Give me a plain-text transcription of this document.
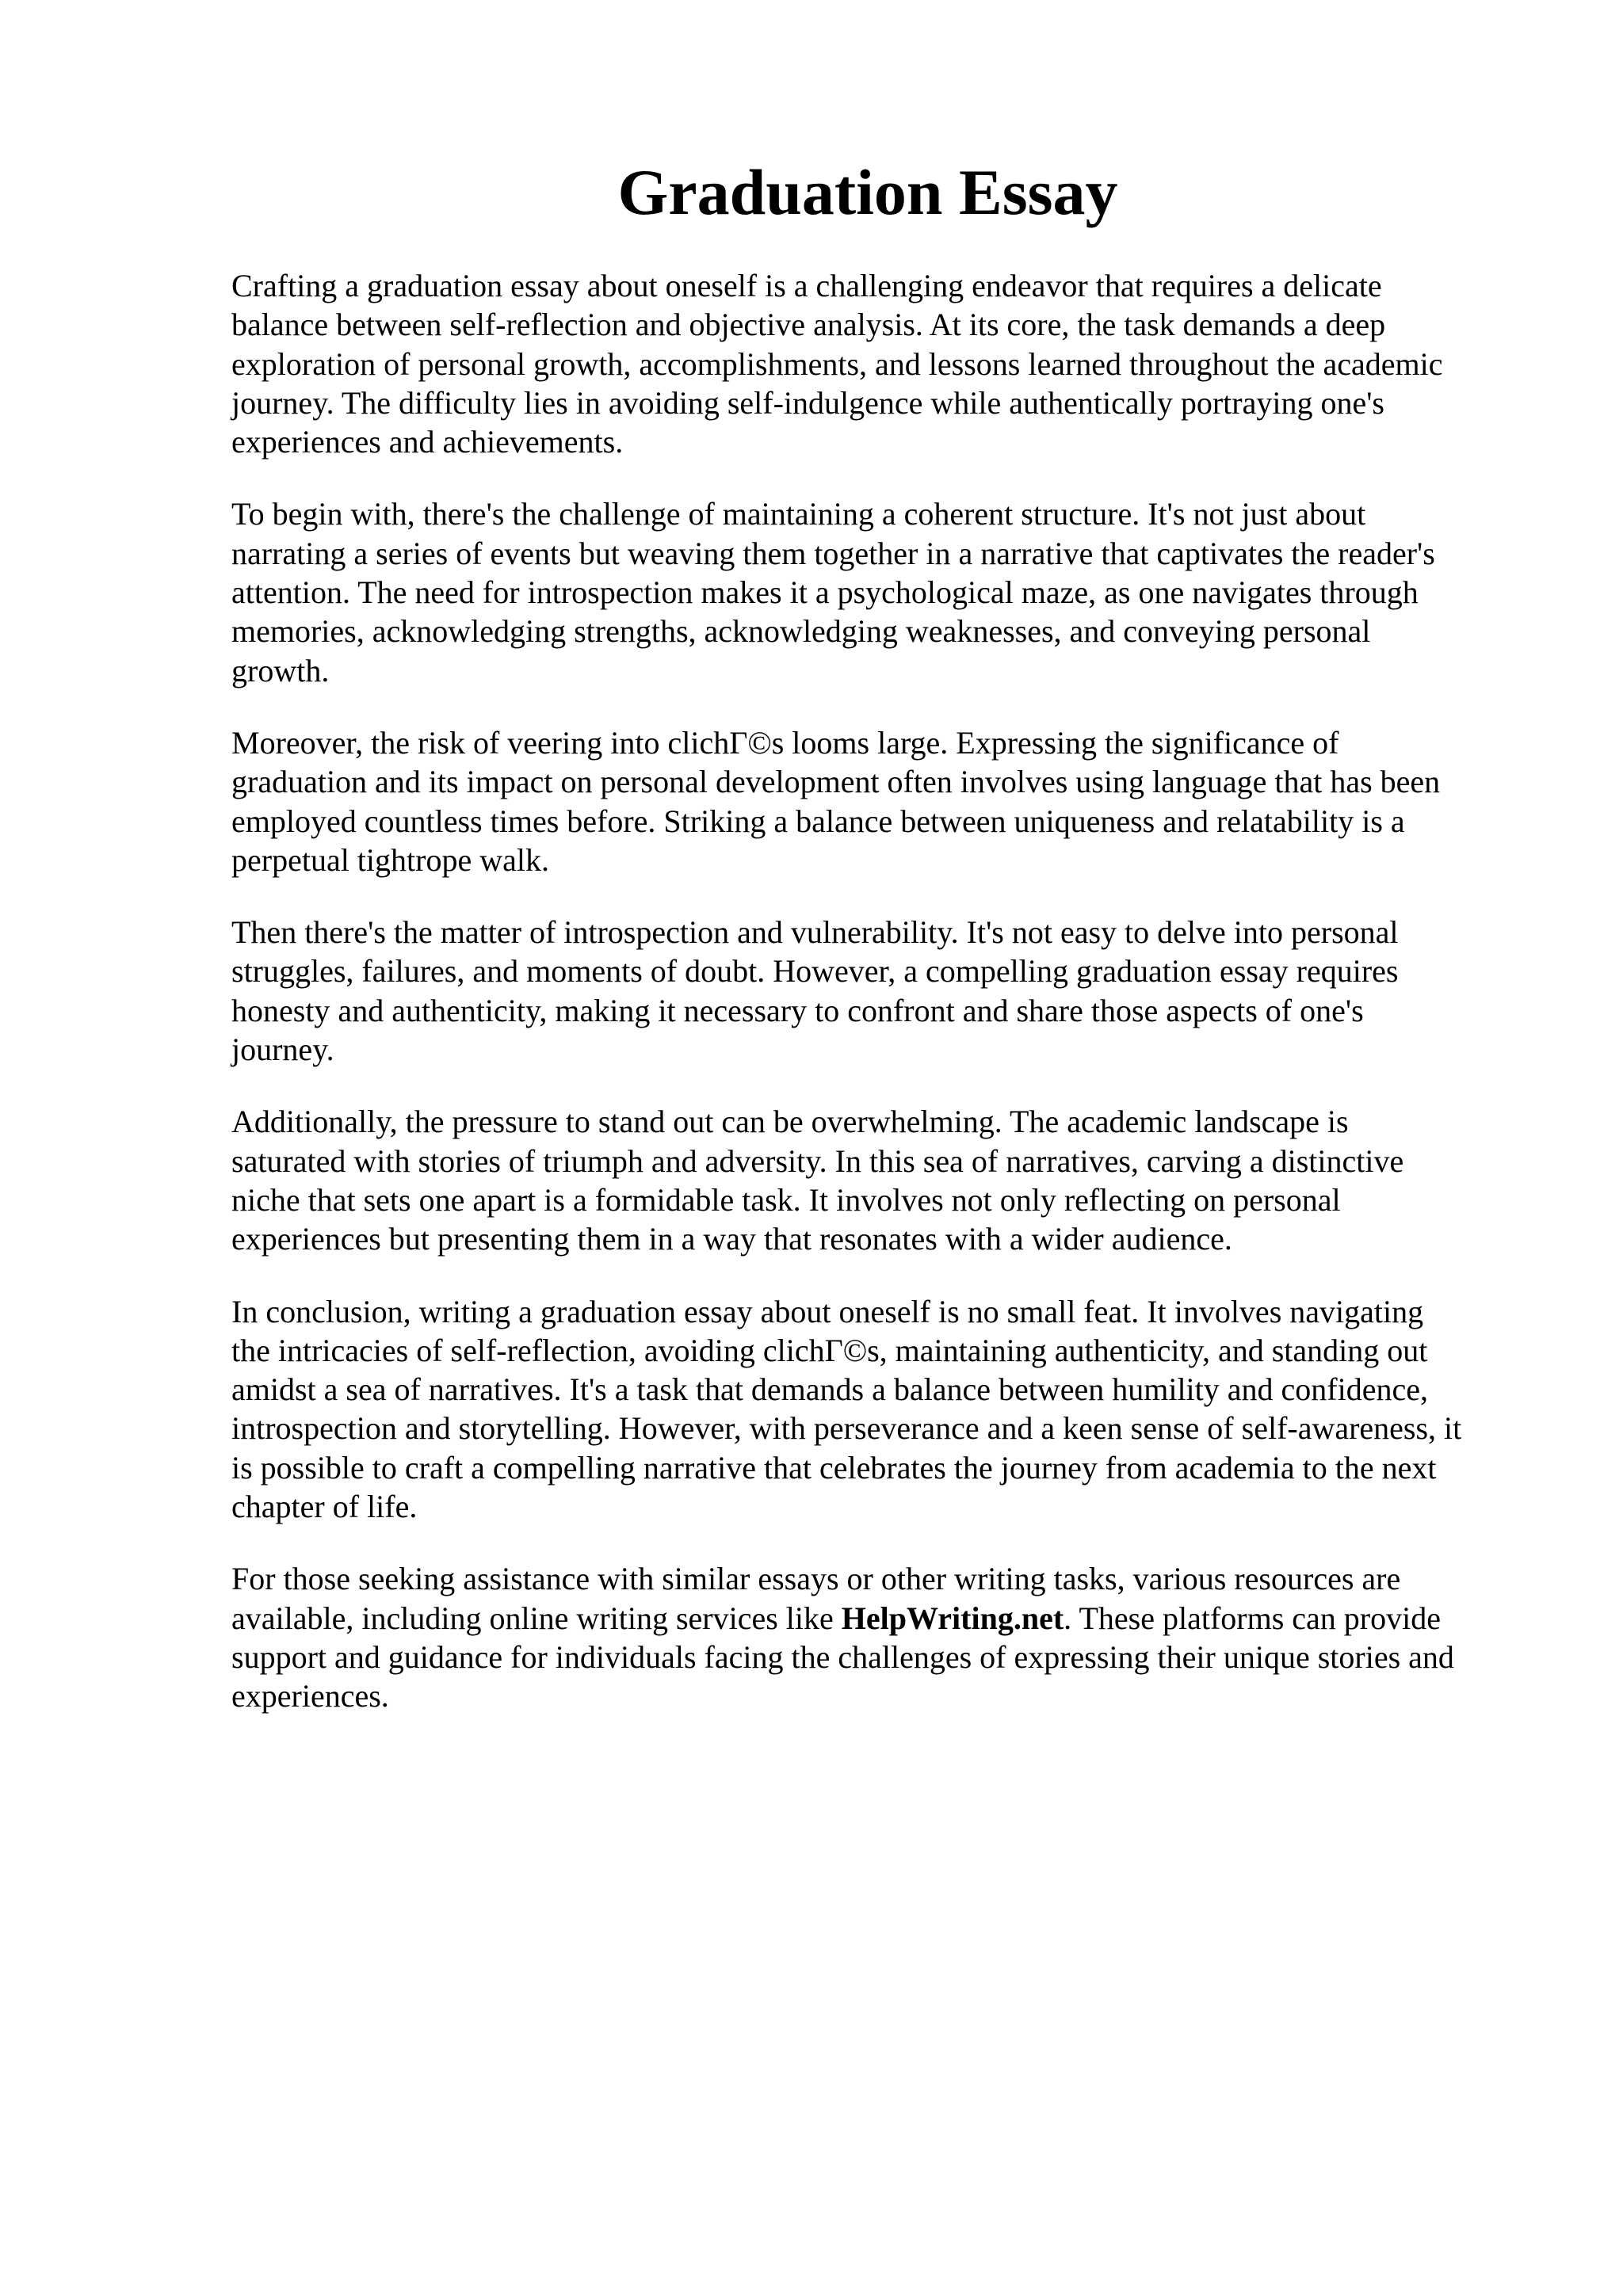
Graduation Essay

Crafting a graduation essay about oneself is a challenging endeavor that requires a delicate
balance between self-reflection and objective analysis. At its core, the task demands a deep
exploration of personal growth, accomplishments, and lessons learned throughout the academic
journey. The difficulty lies in avoiding self-indulgence while authentically portraying one's
experiences and achievements.

To begin with, there's the challenge of maintaining a coherent structure. It's not just about
narrating a series of events but weaving them together in a narrative that captivates the reader's
attention. The need for introspection makes it a psychological maze, as one navigates through
memories, acknowledging strengths, acknowledging weaknesses, and conveying personal
growth.

Moreover, the risk of veering into clichΓ©s looms large. Expressing the significance of
graduation and its impact on personal development often involves using language that has been
employed countless times before. Striking a balance between uniqueness and relatability is a
perpetual tightrope walk.

Then there's the matter of introspection and vulnerability. It's not easy to delve into personal
struggles, failures, and moments of doubt. However, a compelling graduation essay requires
honesty and authenticity, making it necessary to confront and share those aspects of one's
journey.

Additionally, the pressure to stand out can be overwhelming. The academic landscape is
saturated with stories of triumph and adversity. In this sea of narratives, carving a distinctive
niche that sets one apart is a formidable task. It involves not only reflecting on personal
experiences but presenting them in a way that resonates with a wider audience.

In conclusion, writing a graduation essay about oneself is no small feat. It involves navigating
the intricacies of self-reflection, avoiding clichΓ©s, maintaining authenticity, and standing out
amidst a sea of narratives. It's a task that demands a balance between humility and confidence,
introspection and storytelling. However, with perseverance and a keen sense of self-awareness, it
is possible to craft a compelling narrative that celebrates the journey from academia to the next
chapter of life.

For those seeking assistance with similar essays or other writing tasks, various resources are
available, including online writing services like HelpWriting.net. These platforms can provide
support and guidance for individuals facing the challenges of expressing their unique stories and
experiences.
